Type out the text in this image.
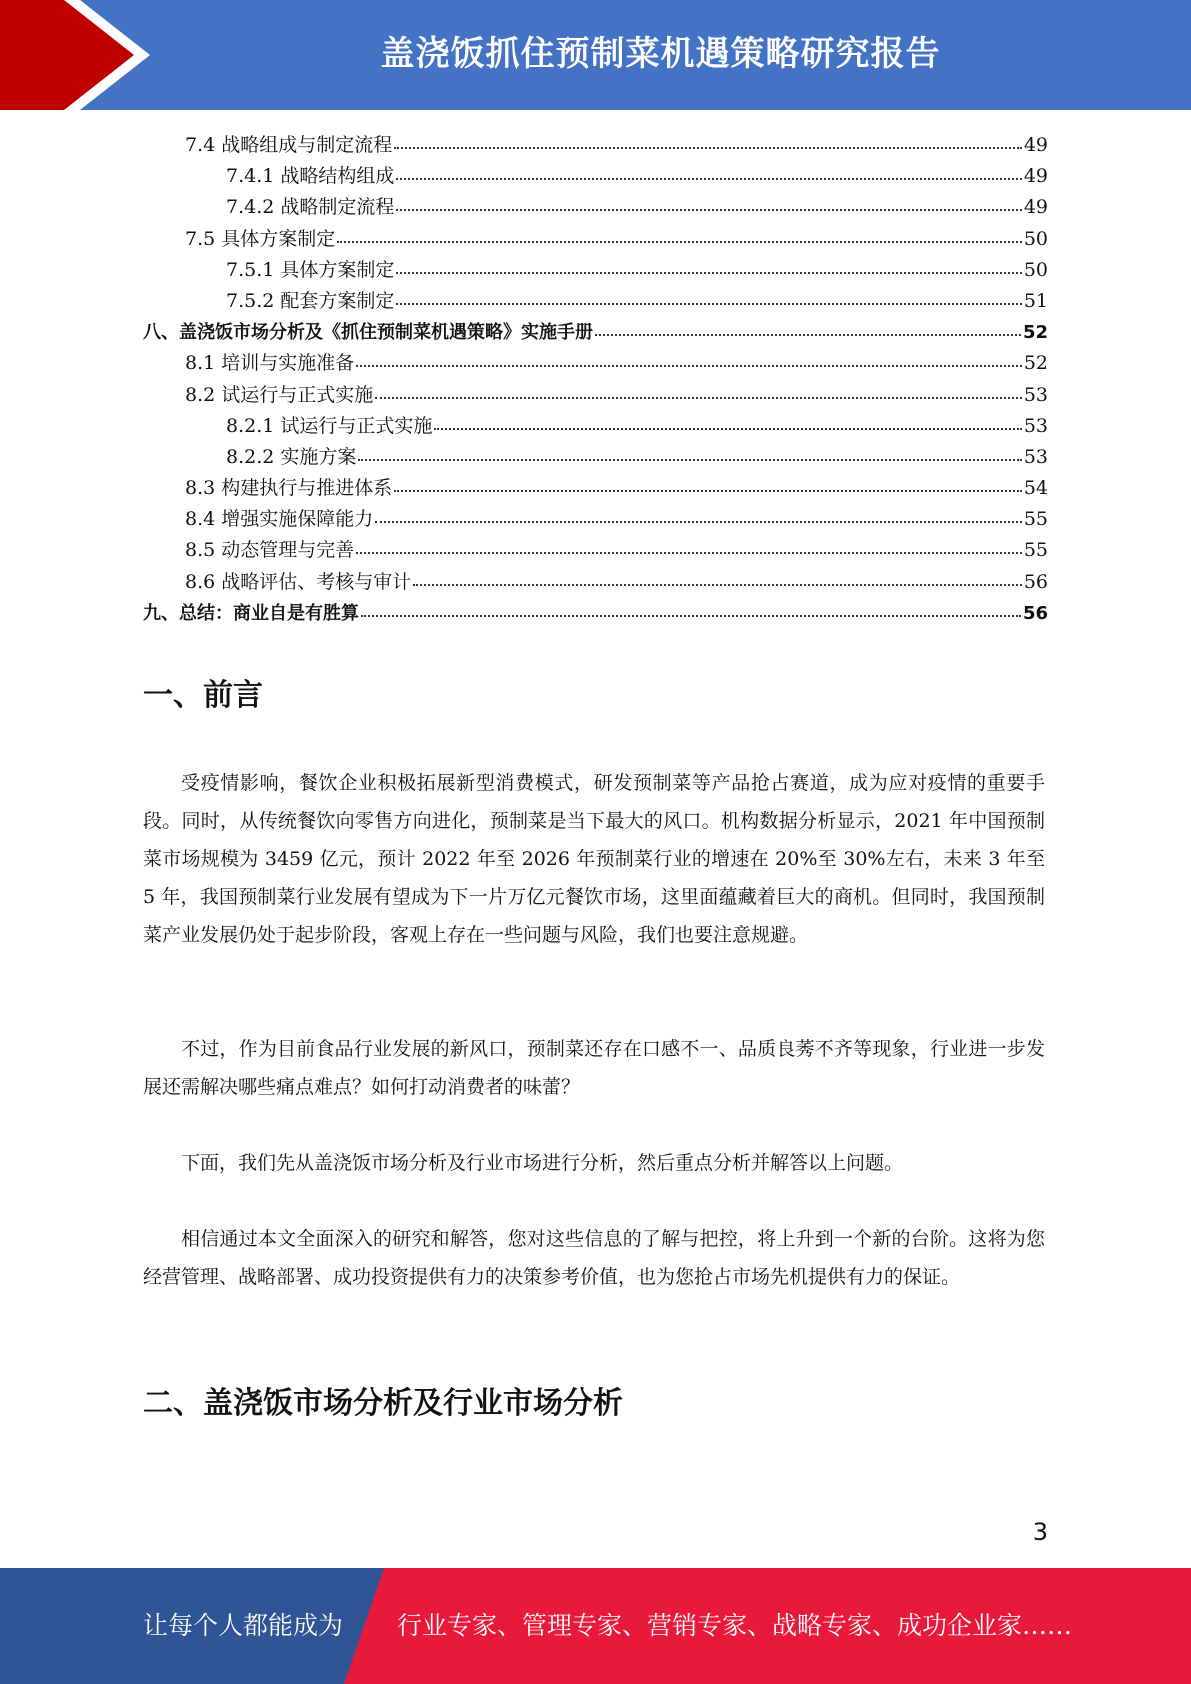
盖浇饭抓住预制菜机遇策略研究报告
7.4 战略组成与制定流程	49
7.4.1 战略结构组成	49
7.4.2 战略制定流程	49
7.5 具体方案制定	50
7.5.1 具体方案制定	50
7.5.2 配套方案制定	51
八、盖浇饭市场分析及《抓住预制菜机遇策略》实施手册	52
8.1 培训与实施准备	52
8.2 试运行与正式实施	53
8.2.1 试运行与正式实施	53
8.2.2 实施方案	53
8.3 构建执行与推进体系	54
8.4 增强实施保障能力	55
8.5 动态管理与完善	55
8.6 战略评估、考核与审计	56
九、总结：商业自是有胜算	56
一、前言

受疫情影响，餐饮企业积极拓展新型消费模式，研发预制菜等产品抢占赛道，成为应对疫情的重要手段。同时，从传统餐饮向零售方向进化，预制菜是当下最大的风口。机构数据分析显示，2021 年中国预制菜市场规模为 3459 亿元，预计 2022 年至 2026 年预制菜行业的增速在 20%至 30%左右，未来 3 年至 5 年，我国预制菜行业发展有望成为下一片万亿元餐饮市场，这里面蕴藏着巨大的商机。但同时，我国预制菜产业发展仍处于起步阶段，客观上存在一些问题与风险，我们也要注意规避。

不过，作为目前食品行业发展的新风口，预制菜还存在口感不一、品质良莠不齐等现象，行业进一步发展还需解决哪些痛点难点？如何打动消费者的味蕾？

下面，我们先从盖浇饭市场分析及行业市场进行分析，然后重点分析并解答以上问题。

相信通过本文全面深入的研究和解答，您对这些信息的了解与把控，将上升到一个新的台阶。这将为您经营管理、战略部署、成功投资提供有力的决策参考价值，也为您抢占市场先机提供有力的保证。

二、盖浇饭市场分析及行业市场分析
3
让每个人都能成为 行业专家、管理专家、营销专家、战略专家、成功企业家……
